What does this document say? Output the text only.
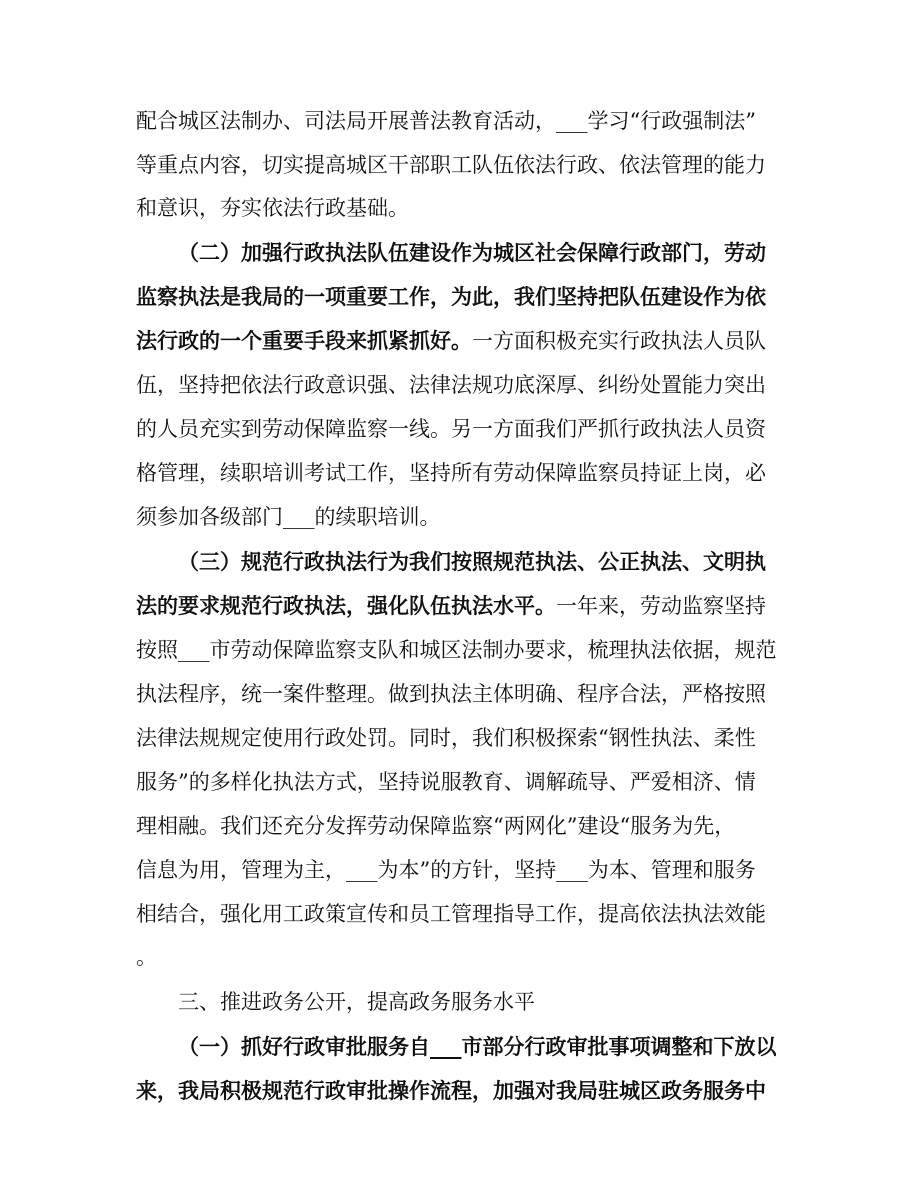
配合城区法制办、司法局开展普法教育活动，___学习“行政强制法”
等重点内容，切实提高城区干部职工队伍依法行政、依法管理的能力
和意识，夯实依法行政基础。
（二）加强行政执法队伍建设作为城区社会保障行政部门，劳动
监察执法是我局的一项重要工作，为此，我们坚持把队伍建设作为依
法行政的一个重要手段来抓紧抓好。一方面积极充实行政执法人员队
伍，坚持把依法行政意识强、法律法规功底深厚、纠纷处置能力突出
的人员充实到劳动保障监察一线。另一方面我们严抓行政执法人员资
格管理，续职培训考试工作，坚持所有劳动保障监察员持证上岗，必
须参加各级部门___的续职培训。
（三）规范行政执法行为我们按照规范执法、公正执法、文明执
法的要求规范行政执法，强化队伍执法水平。一年来，劳动监察坚持
按照___市劳动保障监察支队和城区法制办要求，梳理执法依据，规范
执法程序，统一案件整理。做到执法主体明确、程序合法，严格按照
法律法规规定使用行政处罚。同时，我们积极探索“钢性执法、柔性
服务”的多样化执法方式，坚持说服教育、调解疏导、严爱相济、情
理相融。我们还充分发挥劳动保障监察“两网化”建设“服务为先，
信息为用，管理为主，___为本”的方针，坚持___为本、管理和服务
相结合，强化用工政策宣传和员工管理指导工作，提高依法执法效能
。
三、推进政务公开，提高政务服务水平
（一）抓好行政审批服务自___市部分行政审批事项调整和下放以
来，我局积极规范行政审批操作流程，加强对我局驻城区政务服务中
